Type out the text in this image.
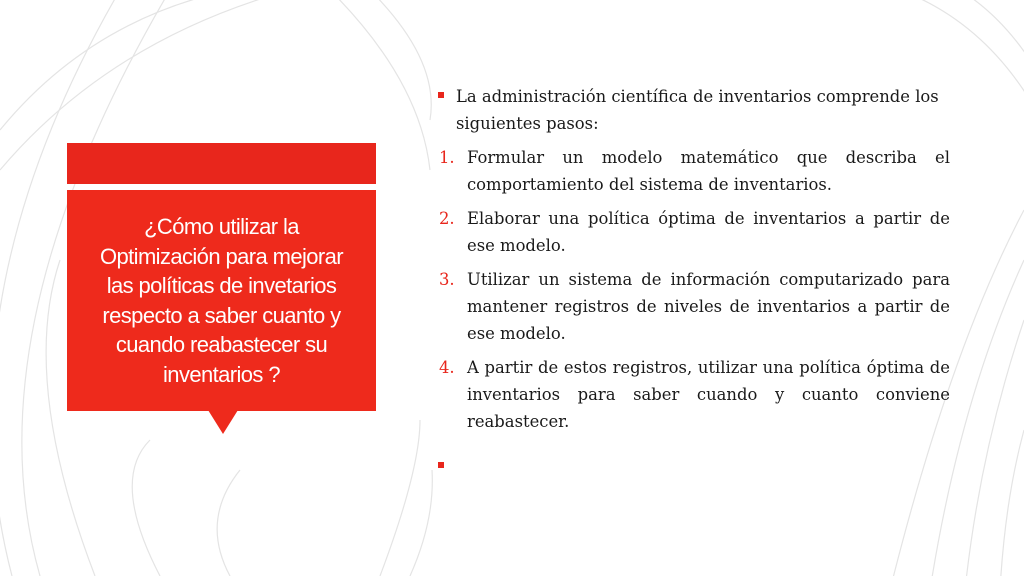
¿Cómo utilizar la Optimización para mejorar las políticas de invetarios respecto a saber cuanto y cuando reabastecer su inventarios ?

La administración científica de inventarios comprende los siguientes pasos:
1. Formular un modelo matemático que describa el comportamiento del sistema de inventarios.
2. Elaborar una política óptima de inventarios a partir de ese modelo.
3. Utilizar un sistema de información computarizado para mantener registros de niveles de inventarios a partir de ese modelo.
4. A partir de estos registros, utilizar una política óptima de inventarios para saber cuando y cuanto conviene reabastecer.
